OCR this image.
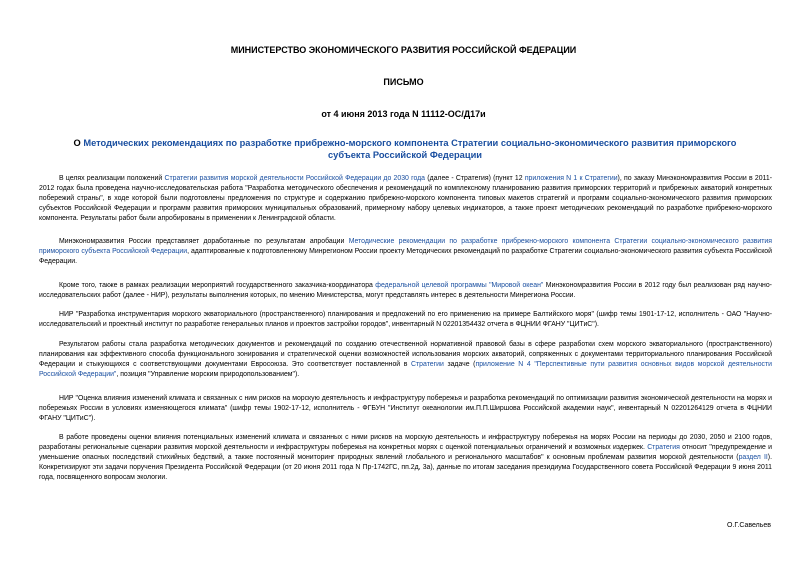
МИНИСТЕРСТВО ЭКОНОМИЧЕСКОГО РАЗВИТИЯ РОССИЙСКОЙ ФЕДЕРАЦИИ
ПИСЬМО
от 4 июня 2013 года N 11112-ОС/Д17и
О Методических рекомендациях по разработке прибрежно-морского компонента Стратегии социально-экономического развития приморского субъекта Российской Федерации
В целях реализации положений Стратегии развития морской деятельности Российской Федерации до 2030 года (далее - Стратегия) (пункт 12 приложения N 1 к Стратегии), по заказу Минэкономразвития России в 2011-2012 годах была проведена научно-исследовательская работа "Разработка методического обеспечения и рекомендаций по комплексному планированию развития приморских территорий и прибрежных акваторий конкретных побережий страны", в ходе которой были подготовлены предложения по структуре и содержанию прибрежно-морского компонента типовых макетов стратегий и программ социально-экономического развития приморских субъектов Российской Федерации и программ развития приморских муниципальных образований, примерному набору целевых индикаторов, а также проект методических рекомендаций по разработке прибрежно-морского компонента. Результаты работ были апробированы в применении к Ленинградской области.
Минэкономразвития России представляет доработанные по результатам апробации Методические рекомендации по разработке прибрежно-морского компонента Стратегии социально-экономического развития приморского субъекта Российской Федерации, адаптированные к подготовленному Минрегионом России проекту Методических рекомендаций по разработке Стратегии социально-экономического развития субъекта Российской Федерации.
Кроме того, также в рамках реализации мероприятий государственного заказчика-координатора федеральной целевой программы "Мировой океан" Минэкономразвития России в 2012 году был реализован ряд научно-исследовательских работ (далее - НИР), результаты выполнения которых, по мнению Министерства, могут представлять интерес в деятельности Минрегиона России.
НИР "Разработка инструментария морского экваториального (пространственного) планирования и предложений по его применению на примере Балтийского моря" (шифр темы 1901-17-12, исполнитель - ОАО "Научно-исследовательский и проектный институт по разработке генеральных планов и проектов застройки городов", инвентарный N 02201354432 отчета в ФЦНИИ ФГАНУ "ЦИТиС").
Результатом работы стала разработка методических документов и рекомендаций по созданию отечественной нормативной правовой базы в сфере разработки схем морского экваториального (пространственного) планирования как эффективного способа функционального зонирования и стратегической оценки возможностей использования морских акваторий, сопряженных с документами территориального планирования Российской Федерации и стыкующихся с соответствующими документами Евросоюза. Это соответствует поставленной в Стратегии задаче (приложение N 4 "Перспективные пути развития основных видов морской деятельности Российской Федерации", позиция "Управление морским природопользованием").
НИР "Оценка влияния изменений климата и связанных с ним рисков на морскую деятельность и инфраструктуру побережья и разработка рекомендаций по оптимизации развития экономической деятельности на морях и побережьях России в условиях изменяющегося климата" (шифр темы 1902-17-12, исполнитель - ФГБУН "Институт океанологии им.П.П.Ширшова Российской академии наук", инвентарный N 02201264129 отчета в ФЦНИИ ФГАНУ "ЦИТиС").
В работе проведены оценки влияния потенциальных изменений климата и связанных с ними рисков на морскую деятельность и инфраструктуру побережья на морях России на периоды до 2030, 2050 и 2100 годов, разработаны региональные сценарии развития морской деятельности и инфраструктуры побережья на конкретных морях с оценкой потенциальных ограничений и возможных издержек. Стратегия относит "предупреждение и уменьшение опасных последствий стихийных бедствий, а также постоянный мониторинг природных явлений глобального и регионального масштабов" к основным проблемам развития морской деятельности (раздел II). Конкретизируют эти задачи поручения Президента Российской Федерации (от 20 июня 2011 года N Пр-1742ГС, пп.2д, 3а), данные по итогам заседания президиума Государственного совета Российской Федерации 9 июня 2011 года, посвященного вопросам экологии.
О.Г.Савельев
